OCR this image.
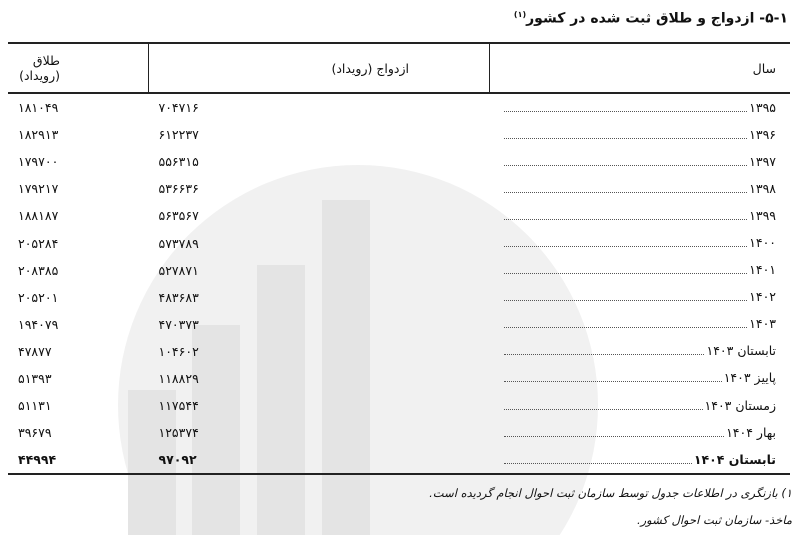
۵-۱- ازدواج و طلاق ثبت شده در کشور$^{(۱)}$
سال	ازدواج (رویداد)	طلاق (رویداد)

۱۳۹۵	۷۰۴۷۱۶	۱۸۱۰۴۹

۱۳۹۶	۶۱۲۲۳۷	۱۸۲۹۱۳

۱۳۹۷	۵۵۶۳۱۵	۱۷۹۷۰۰

۱۳۹۸	۵۳۶۶۳۶	۱۷۹۲۱۷

۱۳۹۹	۵۶۳۵۶۷	۱۸۸۱۸۷

۱۴۰۰	۵۷۳۷۸۹	۲۰۵۲۸۴

۱۴۰۱	۵۲۷۸۷۱	۲۰۸۳۸۵

۱۴۰۲	۴۸۳۶۸۳	۲۰۵۲۰۱

۱۴۰۳	۴۷۰۳۷۳	۱۹۴۰۷۹

تابستان ۱۴۰۳	۱۰۴۶۰۲	۴۷۸۷۷

پاییز ۱۴۰۳	۱۱۸۸۲۹	۵۱۳۹۳

زمستان ۱۴۰۳	۱۱۷۵۴۴	۵۱۱۳۱

بهار ۱۴۰۴	۱۲۵۳۷۴	۳۹۶۷۹

تابستان ۱۴۰۴	۹۷۰۹۲	۴۴۹۹۴
۱) بازنگری در اطلاعات جدول توسط سازمان ثبت احوال انجام گردیده است.
ماخذ- سازمان ثبت احوال کشور.
